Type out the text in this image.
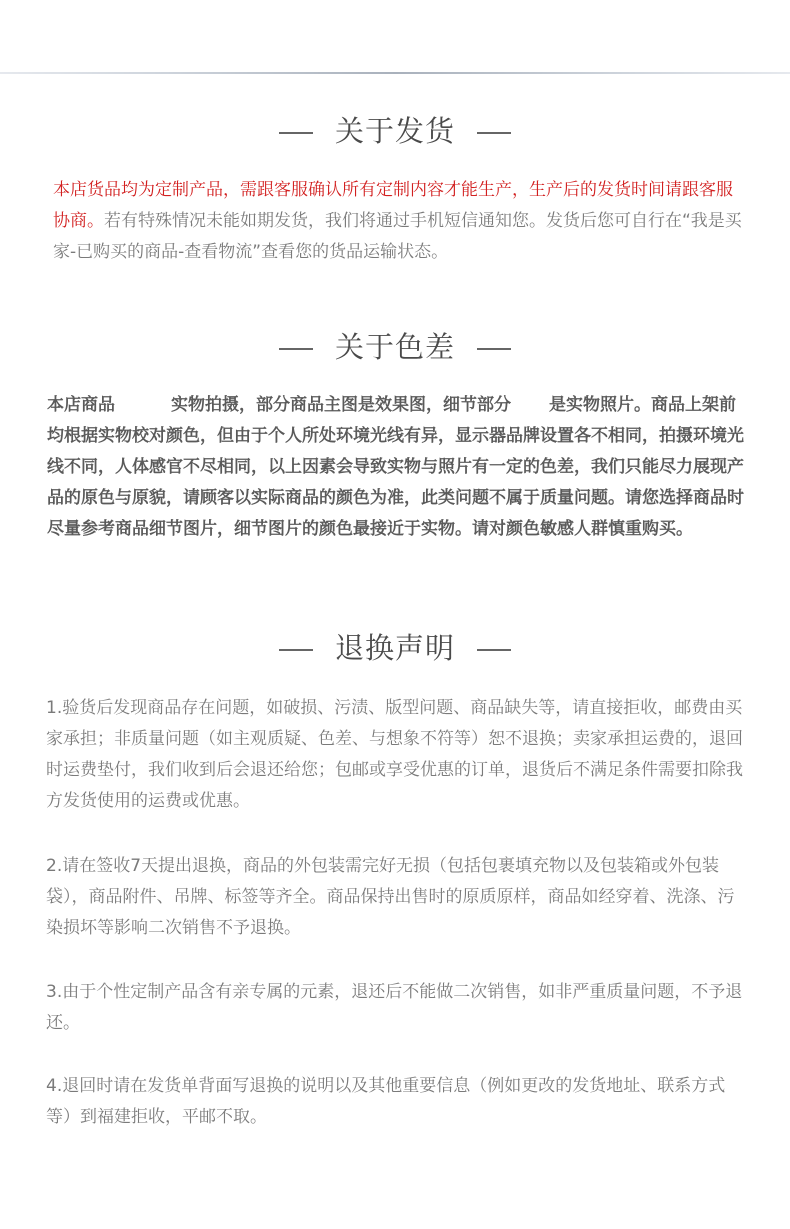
关于发货

本店货品均为定制产品，需跟客服确认所有定制内容才能生产，生产后的发货时间请跟客服协商。若有特殊情况未能如期发货，我们将通过手机短信通知您。发货后您可自行在“我是买家-已购买的商品-查看物流”查看您的货品运输状态。

关于色差

本店商品	实物拍摄，部分商品主图是效果图，细节部分 是实物照片。商品上架前均根据实物校对颜色，但由于个人所处环境光线有异，显示器品牌设置各不相同，拍摄环境光线不同，人体感官不尽相同，以上因素会导致实物与照片有一定的色差，我们只能尽力展现产品的原色与原貌，请顾客以实际商品的颜色为准，此类问题不属于质量问题。请您选择商品时尽量参考商品细节图片，细节图片的颜色最接近于实物。请对颜色敏感人群慎重购买。

退换声明

1.验货后发现商品存在问题，如破损、污渍、版型问题、商品缺失等，请直接拒收，邮费由买家承担；非质量问题（如主观质疑、色差、与想象不符等）恕不退换；卖家承担运费的，退回时运费垫付，我们收到后会退还给您；包邮或享受优惠的订单，退货后不满足条件需要扣除我方发货使用的运费或优惠。

2.请在签收7天提出退换，商品的外包装需完好无损（包括包裹填充物以及包装箱或外包装袋），商品附件、吊牌、标签等齐全。商品保持出售时的原质原样，商品如经穿着、洗涤、污染损坏等影响二次销售不予退换。

3.由于个性定制产品含有亲专属的元素，退还后不能做二次销售，如非严重质量问题，不予退还。

4.退回时请在发货单背面写退换的说明以及其他重要信息（例如更改的发货地址、联系方式等）到福建拒收，平邮不取。
